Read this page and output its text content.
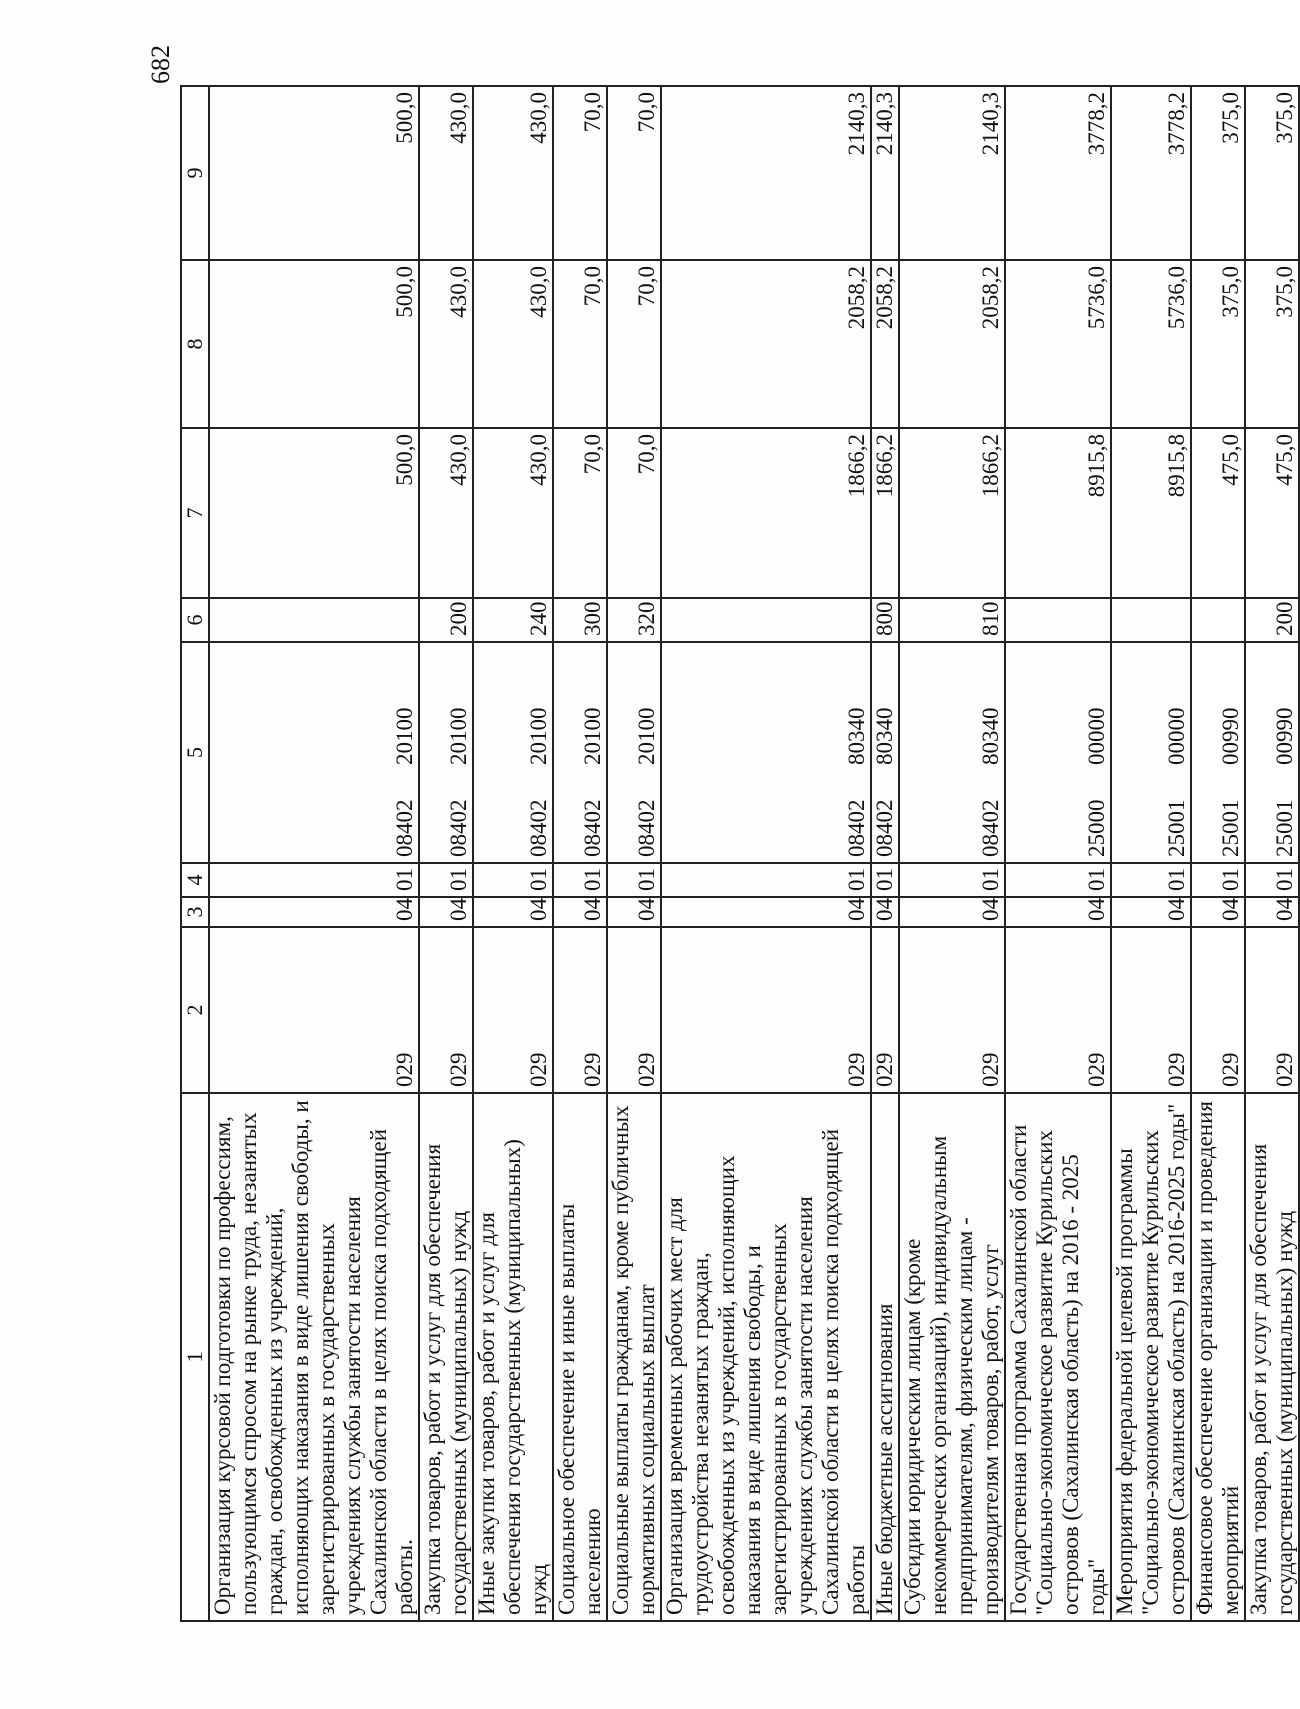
682
1	2	3	4	5	6	7	8	9
Организация курсовой подготовки по профессиям, пользующимся спросом на рынке труда, незанятых граждан, освобожденных из учреждений, исполняющих наказания в виде лишения свободы, и зарегистрированных в государственных учреждениях службы занятости населения Сахалинской области в целях поиска подходящей работы.	029	04	01	0840220100		500,0	500,0	500,0
Закупка товаров, работ и услуг для обеспечения государственных (муниципальных) нужд	029	04	01	0840220100	200	430,0	430,0	430,0
Иные закупки товаров, работ и услуг для обеспечения государственных (муниципальных) нужд	029	04	01	0840220100	240	430,0	430,0	430,0
Социальное обеспечение и иные выплаты населению	029	04	01	0840220100	300	70,0	70,0	70,0
Социальные выплаты гражданам, кроме публичных нормативных социальных выплат	029	04	01	0840220100	320	70,0	70,0	70,0
Организация временных рабочих мест для трудоустройства незанятых граждан, освобожденных из учреждений, исполняющих наказания в виде лишения свободы, и зарегистрированных в государственных учреждениях службы занятости населения Сахалинской области в целях поиска подходящей работы	029	04	01	0840280340		1866,2	2058,2	2140,3
Иные бюджетные ассигнования	029	04	01	0840280340	800	1866,2	2058,2	2140,3
Субсидии юридическим лицам (кроме некоммерческих организаций), индивидуальным предпринимателям, физическим лицам - производителям товаров, работ, услуг	029	04	01	0840280340	810	1866,2	2058,2	2140,3
Государственная программа Сахалинской области "Социально-экономическое развитие Курильских островов (Сахалинская область) на 2016 - 2025 годы"	029	04	01	2500000000		8915,8	5736,0	3778,2
Мероприятия федеральной целевой программы "Социально-экономическое развитие Курильских островов (Сахалинская область) на 2016-2025 годы"	029	04	01	2500100000		8915,8	5736,0	3778,2
Финансовое обеспечение организации и проведения мероприятий	029	04	01	2500100990		475,0	375,0	375,0
Закупка товаров, работ и услуг для обеспечения государственных (муниципальных) нужд	029	04	01	2500100990	200	475,0	375,0	375,0
